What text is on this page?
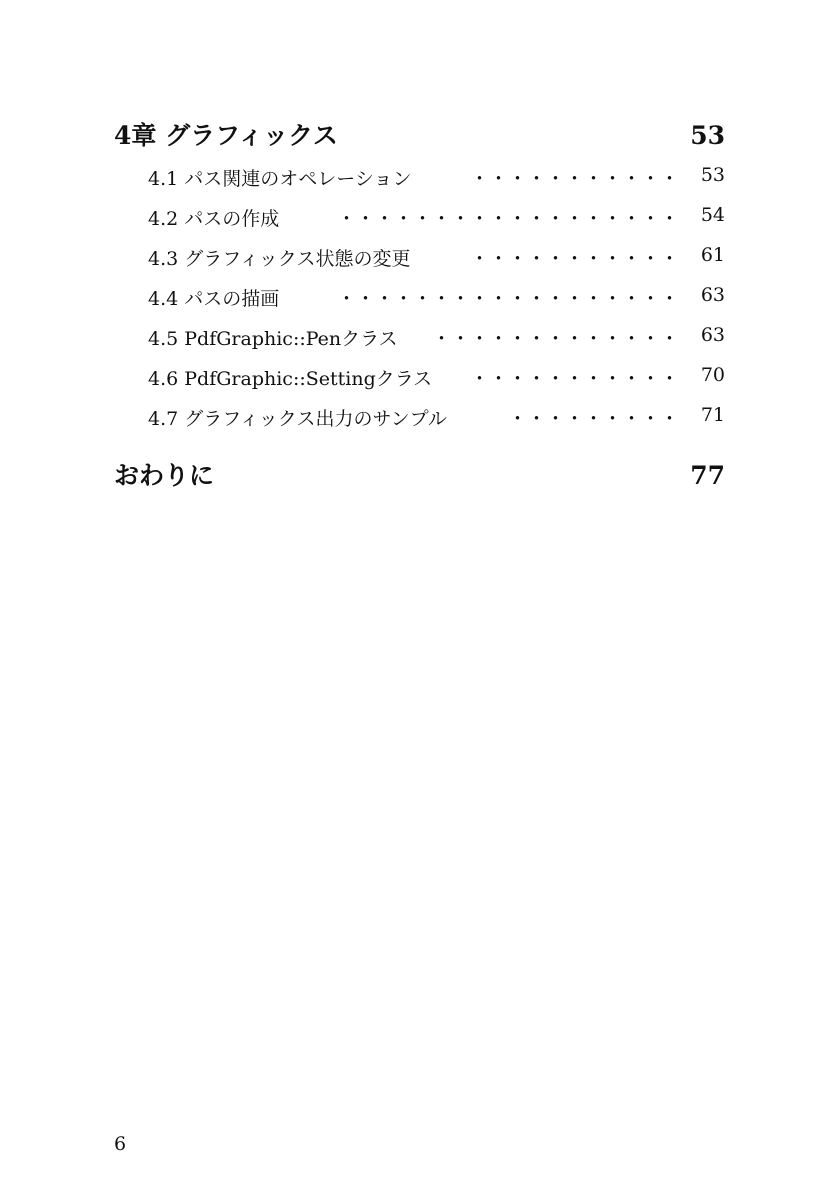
4章 グラフィックス	53
4.1 パス関連のオペレーション	・・・・・・・・・・・ 53
4.2 パスの作成	・・・・・・・・・・・・・・・・・・ 54
4.3 グラフィックス状態の変更	・・・・・・・・・・・ 61
4.4 パスの描画	・・・・・・・・・・・・・・・・・・ 63
4.5 PdfGraphic::Penクラス	・・・・・・・・・・・・・ 63
4.6 PdfGraphic::Settingクラス	・・・・・・・・・・・ 70
4.7 グラフィックス出力のサンプル	・・・・・・・・・ 71
おわりに	77
6
